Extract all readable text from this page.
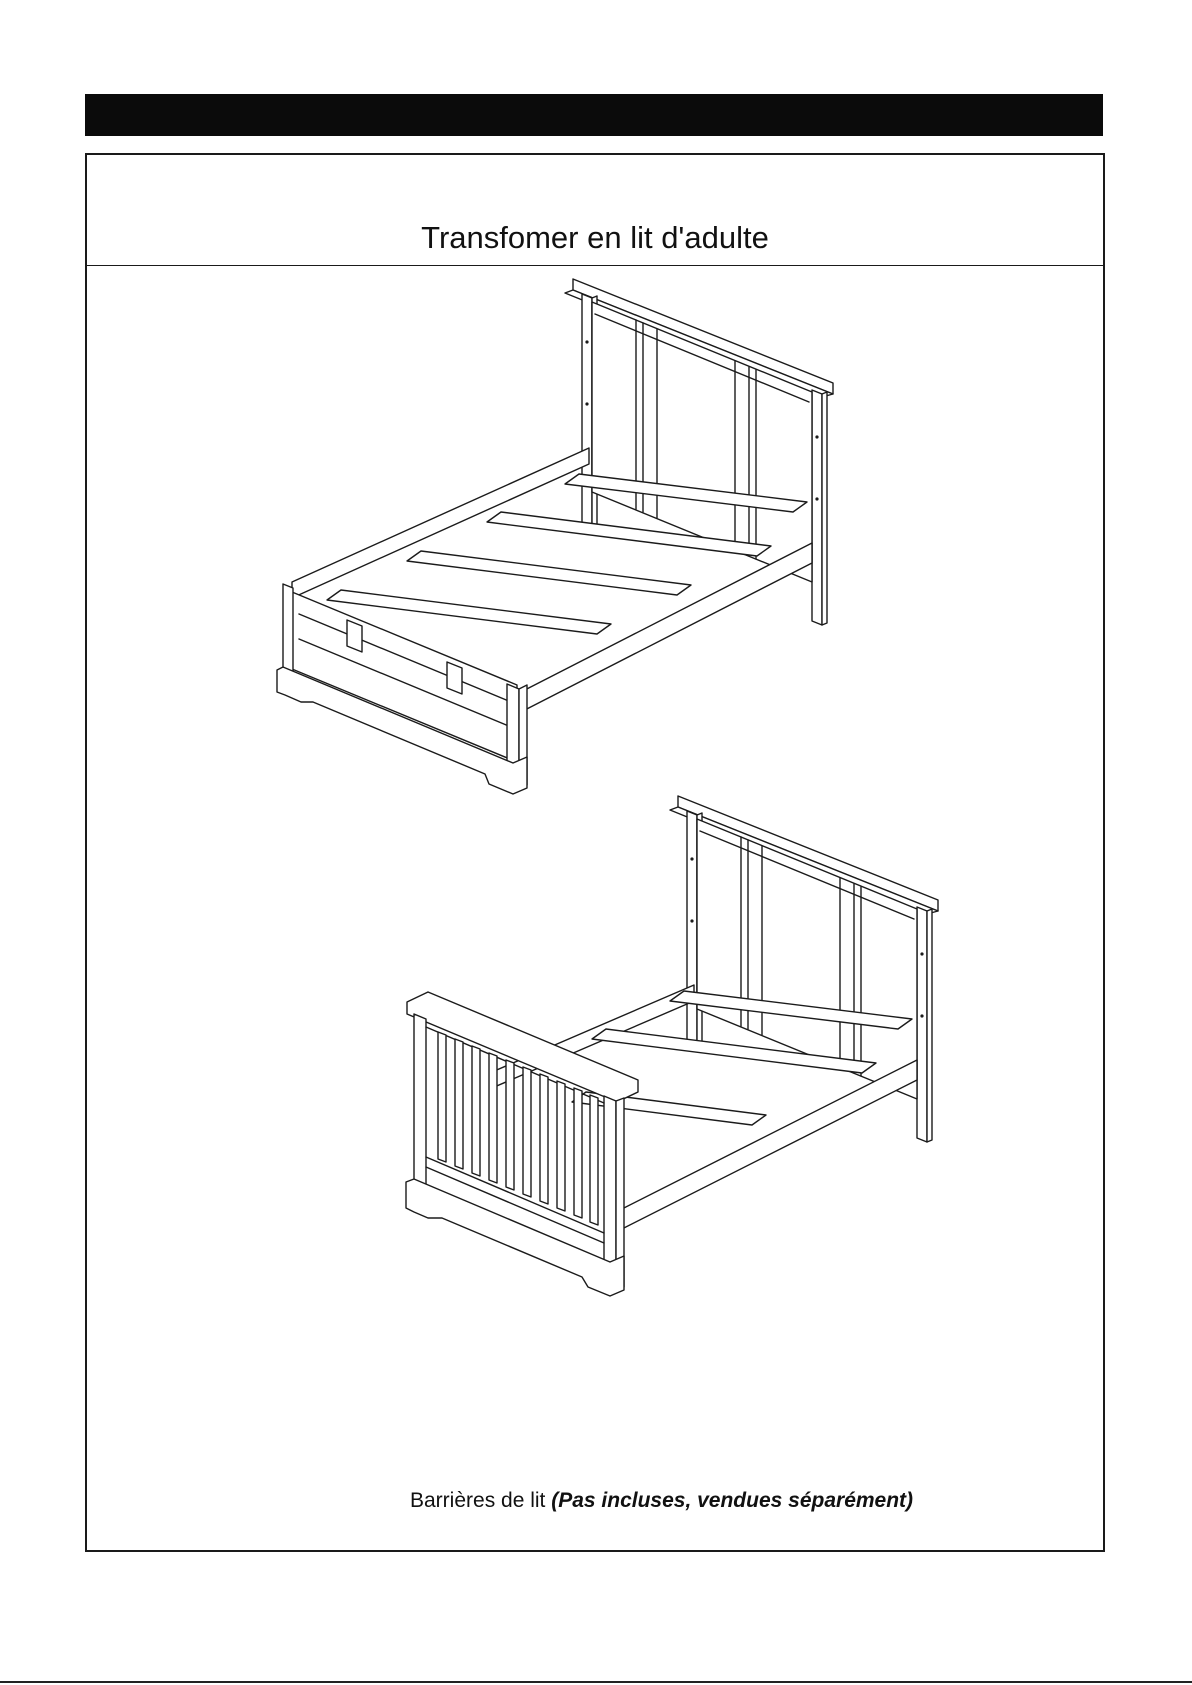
Transfomer en lit d'adulte
Barrières de lit (Pas incluses, vendues séparément)
